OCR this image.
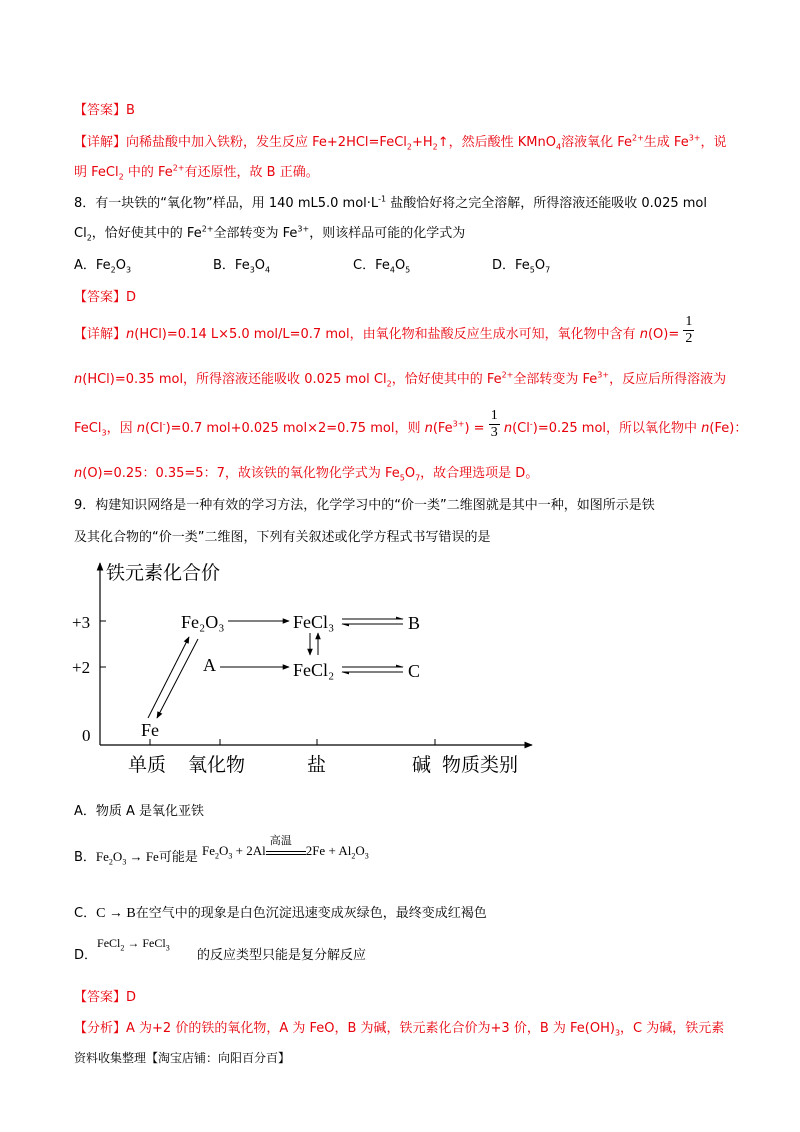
【答案】B
【详解】向稀盐酸中加入铁粉，发生反应 $Fe+2HCl=FeCl_2+H_2↑$，然后酸性 KMnO$_4$溶液氧化 $Fe^{2+}$生成 $Fe^{3+}$，说
明 FeCl$_2$ 中的 $Fe^{2+}$有还原性，故 B 正确。
8．有一块铁的“氧化物”样品，用 140 mL5.0 $mol\cdot L^{-1}$ 盐酸恰好将之完全溶解，所得溶液还能吸收 0.025 mol
$Cl_2$，恰好使其中的 $Fe^{2+}$全部转变为 $Fe^{3+}$，则该样品可能的化学式为
A．$Fe_2O_3$	B．$Fe_3O_4$	C．$Fe_4O_5$	D．$Fe_5O_7$
【答案】D
【详解】n(HCl)=0.14 L×5.0 mol/L=0.7 mol，由氧化物和盐酸反应生成水可知，氧化物中含有 $n(O)= \frac{1}{2}$
n(HCl)=0.35 mol，所得溶液还能吸收 0.025 mol $Cl_2$，恰好使其中的 $Fe^{2+}$全部转变为 $Fe^{3+}$，反应后所得溶液为
FeCl$_3$，因 n(Cl-)=0.7 mol+0.025 mol×2=0.75 mol，则 $n(Fe^{3+}) = \frac{1}{3} n(Cl^-)=0.25$ mol，所以氧化物中 n(Fe)：
n(O)=0.25：0.35=5：7，故该铁的氧化物化学式为 $Fe_5O_7$，故合理选项是 D。
9．构建知识网络是一种有效的学习方法，化学学习中的“价一类”二维图就是其中一种，如图所示是铁
及其化合物的“价一类”二维图，下列有关叙述或化学方程式书写错误的是
铁元素化合价
+3
+2
0
单质 氧化物	盐	碱 物质类别
Fe
Fe₂O₃
A
FeCl₃
FeCl₂
B
C
A．物质 A 是氧化亚铁
B．$Fe_2O_3 \to Fe$可能是 $Fe_2O_3 + 2Al$
高温
$2Fe + Al_2O_3$
C．C → B在空气中的现象是白色沉淀迅速变成灰绿色，最终变成红褐色
FeCl$_2$ → FeCl$_3$
D．	的反应类型只能是复分解反应
【答案】D
【分析】A 为+2 价的铁的氧化物，A 为 FeO，B 为碱，铁元素化合价为+3 价，B 为 $Fe(OH)_3$，C 为碱，铁元素
资料收集整理【淘宝店铺：向阳百分百】
